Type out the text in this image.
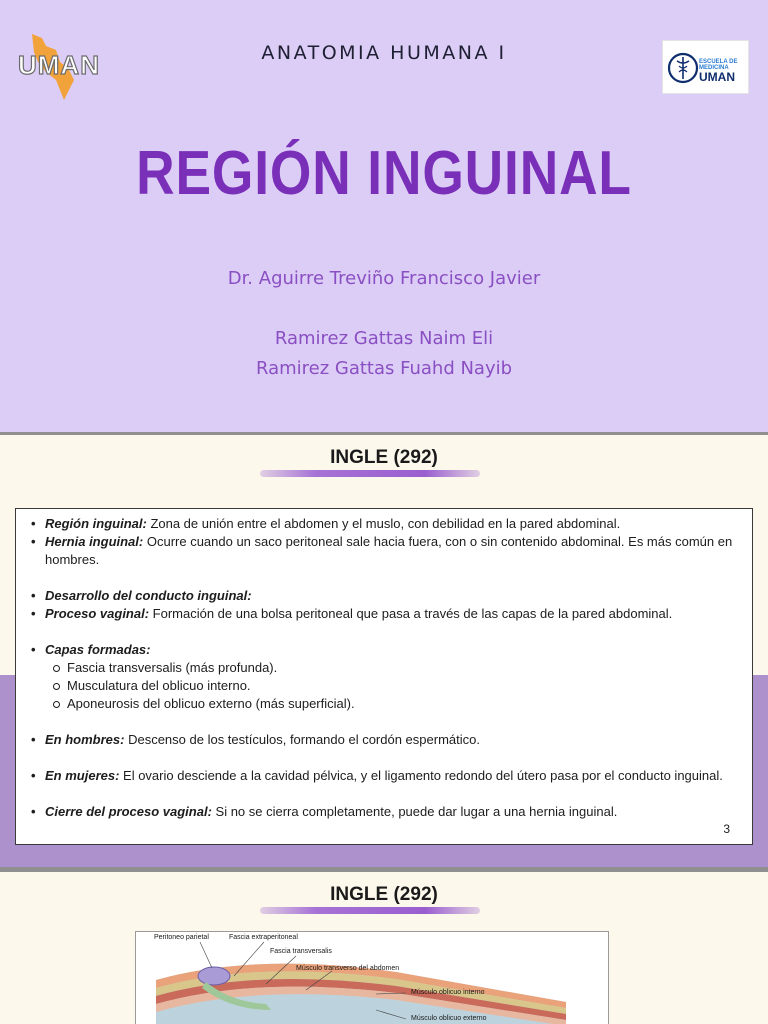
UMAN	ANATOMIA HUMANA I	ESCUELA DE
MEDICINA
UMAN
REGIÓN INGUINAL
Dr. Aguirre Treviño Francisco Javier
Ramirez Gattas Naim Eli
Ramirez Gattas Fuahd Nayib
INGLE (292)
• Región inguinal: Zona de unión entre el abdomen y el muslo, con debilidad en la pared abdominal.
• Hernia inguinal: Ocurre cuando un saco peritoneal sale hacia fuera, con o sin contenido abdominal. Es más común en hombres.
• Desarrollo del conducto inguinal:
• Proceso vaginal: Formación de una bolsa peritoneal que pasa a través de las capas de la pared abdominal.
• Capas formadas:
Fascia transversalis (más profunda).
Musculatura del oblicuo interno.
Aponeurosis del oblicuo externo (más superficial).
• En hombres: Descenso de los testículos, formando el cordón espermático.
• En mujeres: El ovario desciende a la cavidad pélvica, y el ligamento redondo del útero pasa por el conducto inguinal.
• Cierre del proceso vaginal: Si no se cierra completamente, puede dar lugar a una hernia inguinal.
3
INGLE (292)
Peritoneo parietal	Fascia extraperitoneal
Fascia transversalis
Músculo transverso del abdomen
Músculo oblicuo interno
Músculo oblicuo externo
